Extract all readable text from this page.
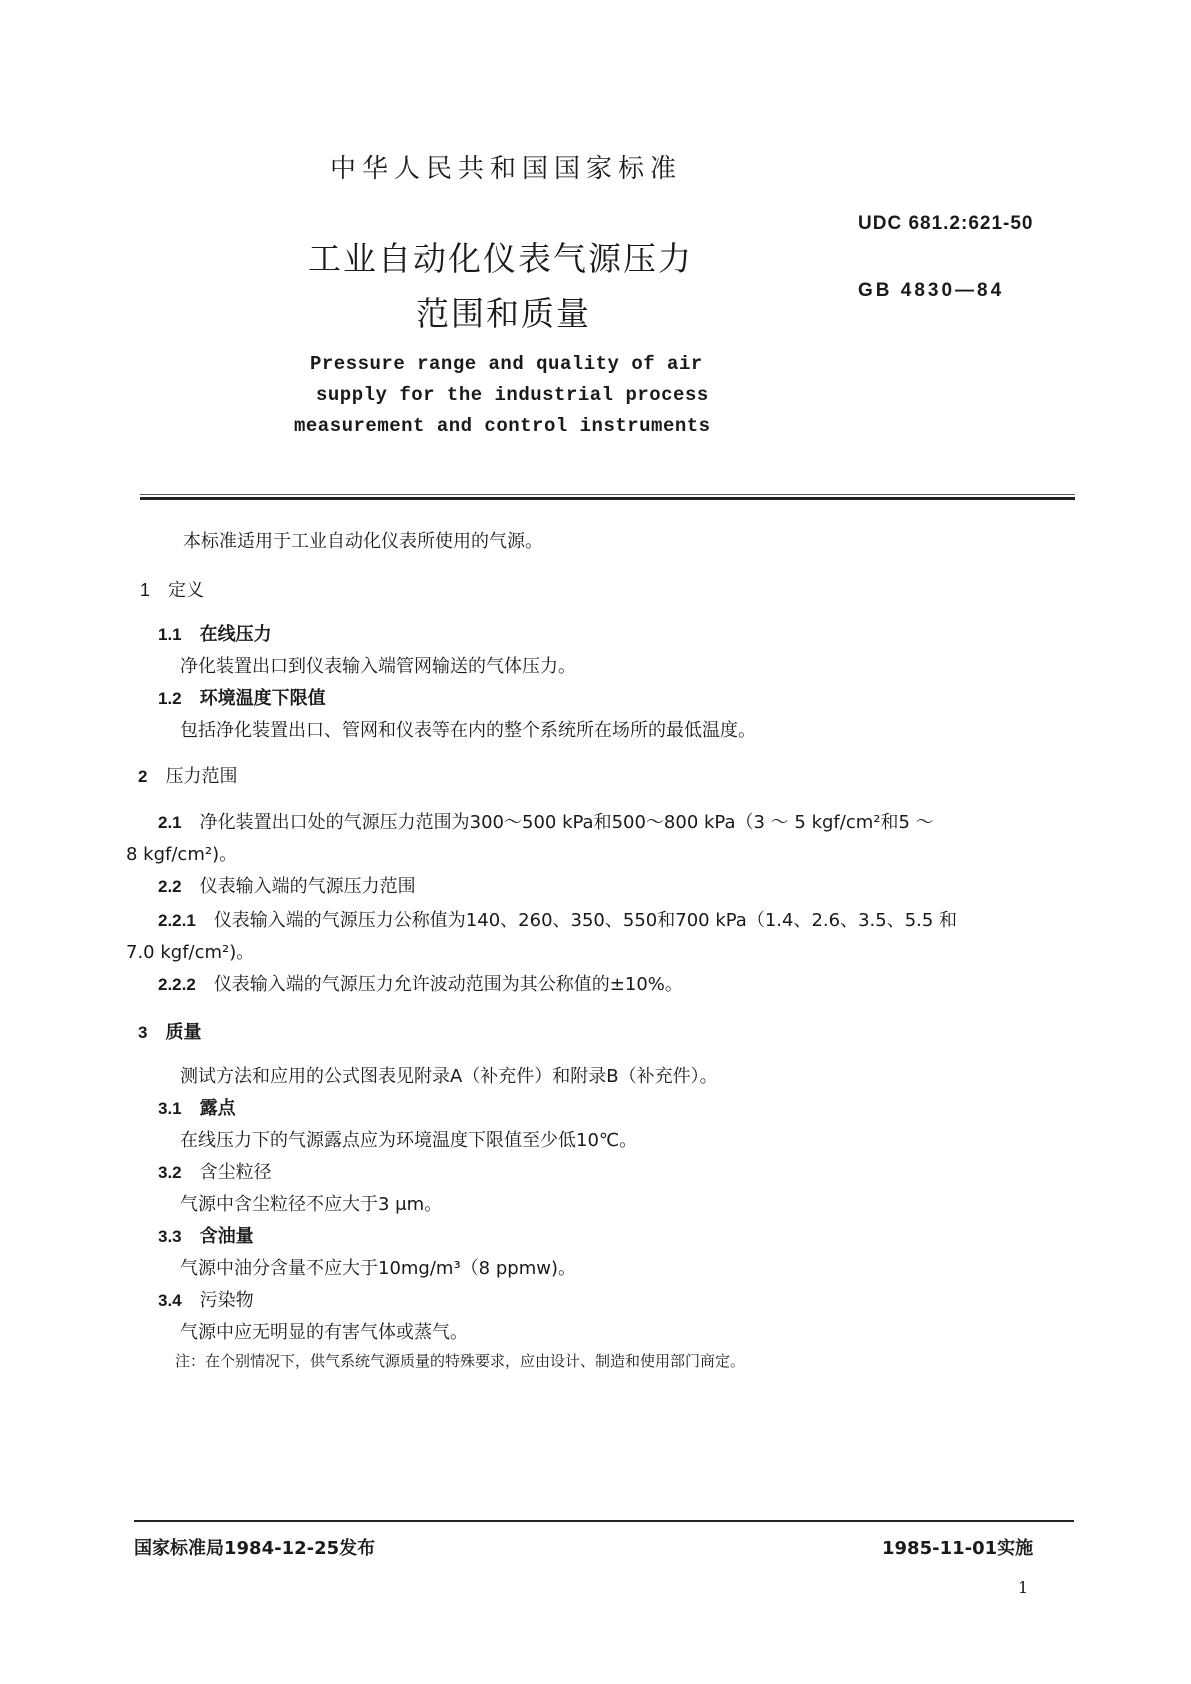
中华人民共和国国家标准
UDC 681.2:621-50
工业自动化仪表气源压力
GB 4830—84
范围和质量
Pressure range and quality of air
supply for the industrial process
measurement and control instruments
本标准适用于工业自动化仪表所使用的气源。
1 定义
1.1 在线压力
净化装置出口到仪表输入端管网输送的气体压力。
1.2 环境温度下限值
包括净化装置出口、管网和仪表等在内的整个系统所在场所的最低温度。
2 压力范围
2.1 净化装置出口处的气源压力范围为300～500 kPa和500～800 kPa（3 ～ 5 kgf/cm²和5 ～
8 kgf/cm²)。
2.2 仪表输入端的气源压力范围
2.2.1 仪表输入端的气源压力公称值为140、260、350、550和700 kPa（1.4、2.6、3.5、5.5 和
7.0 kgf/cm²)。
2.2.2 仪表输入端的气源压力允许波动范围为其公称值的±10%。
3 质量
测试方法和应用的公式图表见附录A（补充件）和附录B（补充件）。
3.1 露点
在线压力下的气源露点应为环境温度下限值至少低10℃。
3.2 含尘粒径
气源中含尘粒径不应大于3 μm。
3.3 含油量
气源中油分含量不应大于10mg/m³（8 ppmw)。
3.4 污染物
气源中应无明显的有害气体或蒸气。
注：在个别情况下，供气系统气源质量的特殊要求，应由设计、制造和使用部门商定。
国家标准局1984-12-25发布	1985-11-01实施
1
